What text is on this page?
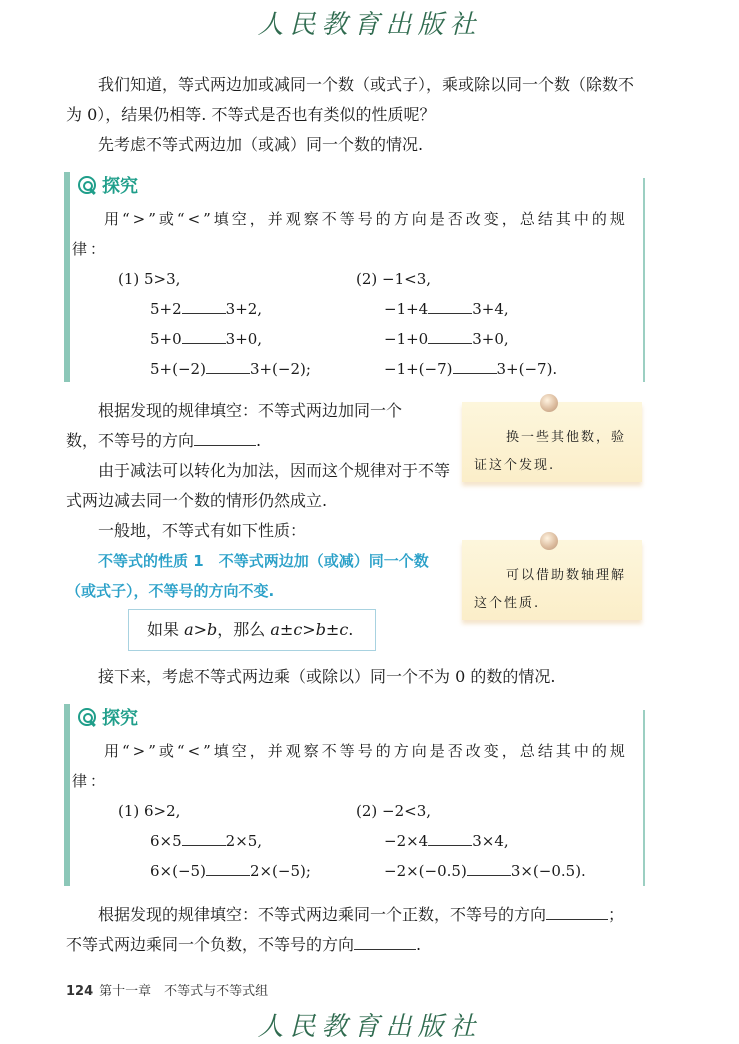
人民教育出版社
我们知道，等式两边加或减同一个数（或式子），乘或除以同一个数（除数不为 0），结果仍相等. 不等式是否也有类似的性质呢？
先考虑不等式两边加（或减）同一个数的情况.
探究
用“>”或“<”填空，并观察不等号的方向是否改变，总结其中的规律：
(1) 5>3,
5+2	3+2,
5+0	3+0,
5+(−2)	3+(−2);
(2) −1<3,
−1+4	3+4,
−1+0	3+0,
−1+(−7)	3+(−7).
根据发现的规律填空：不等式两边加同一个
数，不等号的方向	.
由于减法可以转化为加法，因而这个规律对于不等式两边减去同一个数的情形仍然成立.
一般地，不等式有如下性质：
换一些其他数，验证这个发现.
不等式的性质 1　 不等式两边加（或减）同一个数（或式子），不等号的方向不变.
可以借助数轴理解这个性质.
如果 a>b，那么 a±c>b±c.
接下来，考虑不等式两边乘（或除以）同一个不为 0 的数的情况.
探究
用“>”或“<”填空，并观察不等号的方向是否改变，总结其中的规律：
(1) 6>2,
6×5	2×5,
6×(−5)	2×(−5);
(2) −2<3,
−2×4	3×4,
−2×(−0.5)	3×(−0.5).
根据发现的规律填空：不等式两边乘同一个正数，不等号的方向	；
不等式两边乘同一个负数，不等号的方向	.
124 第十一章　不等式与不等式组
人民教育出版社
